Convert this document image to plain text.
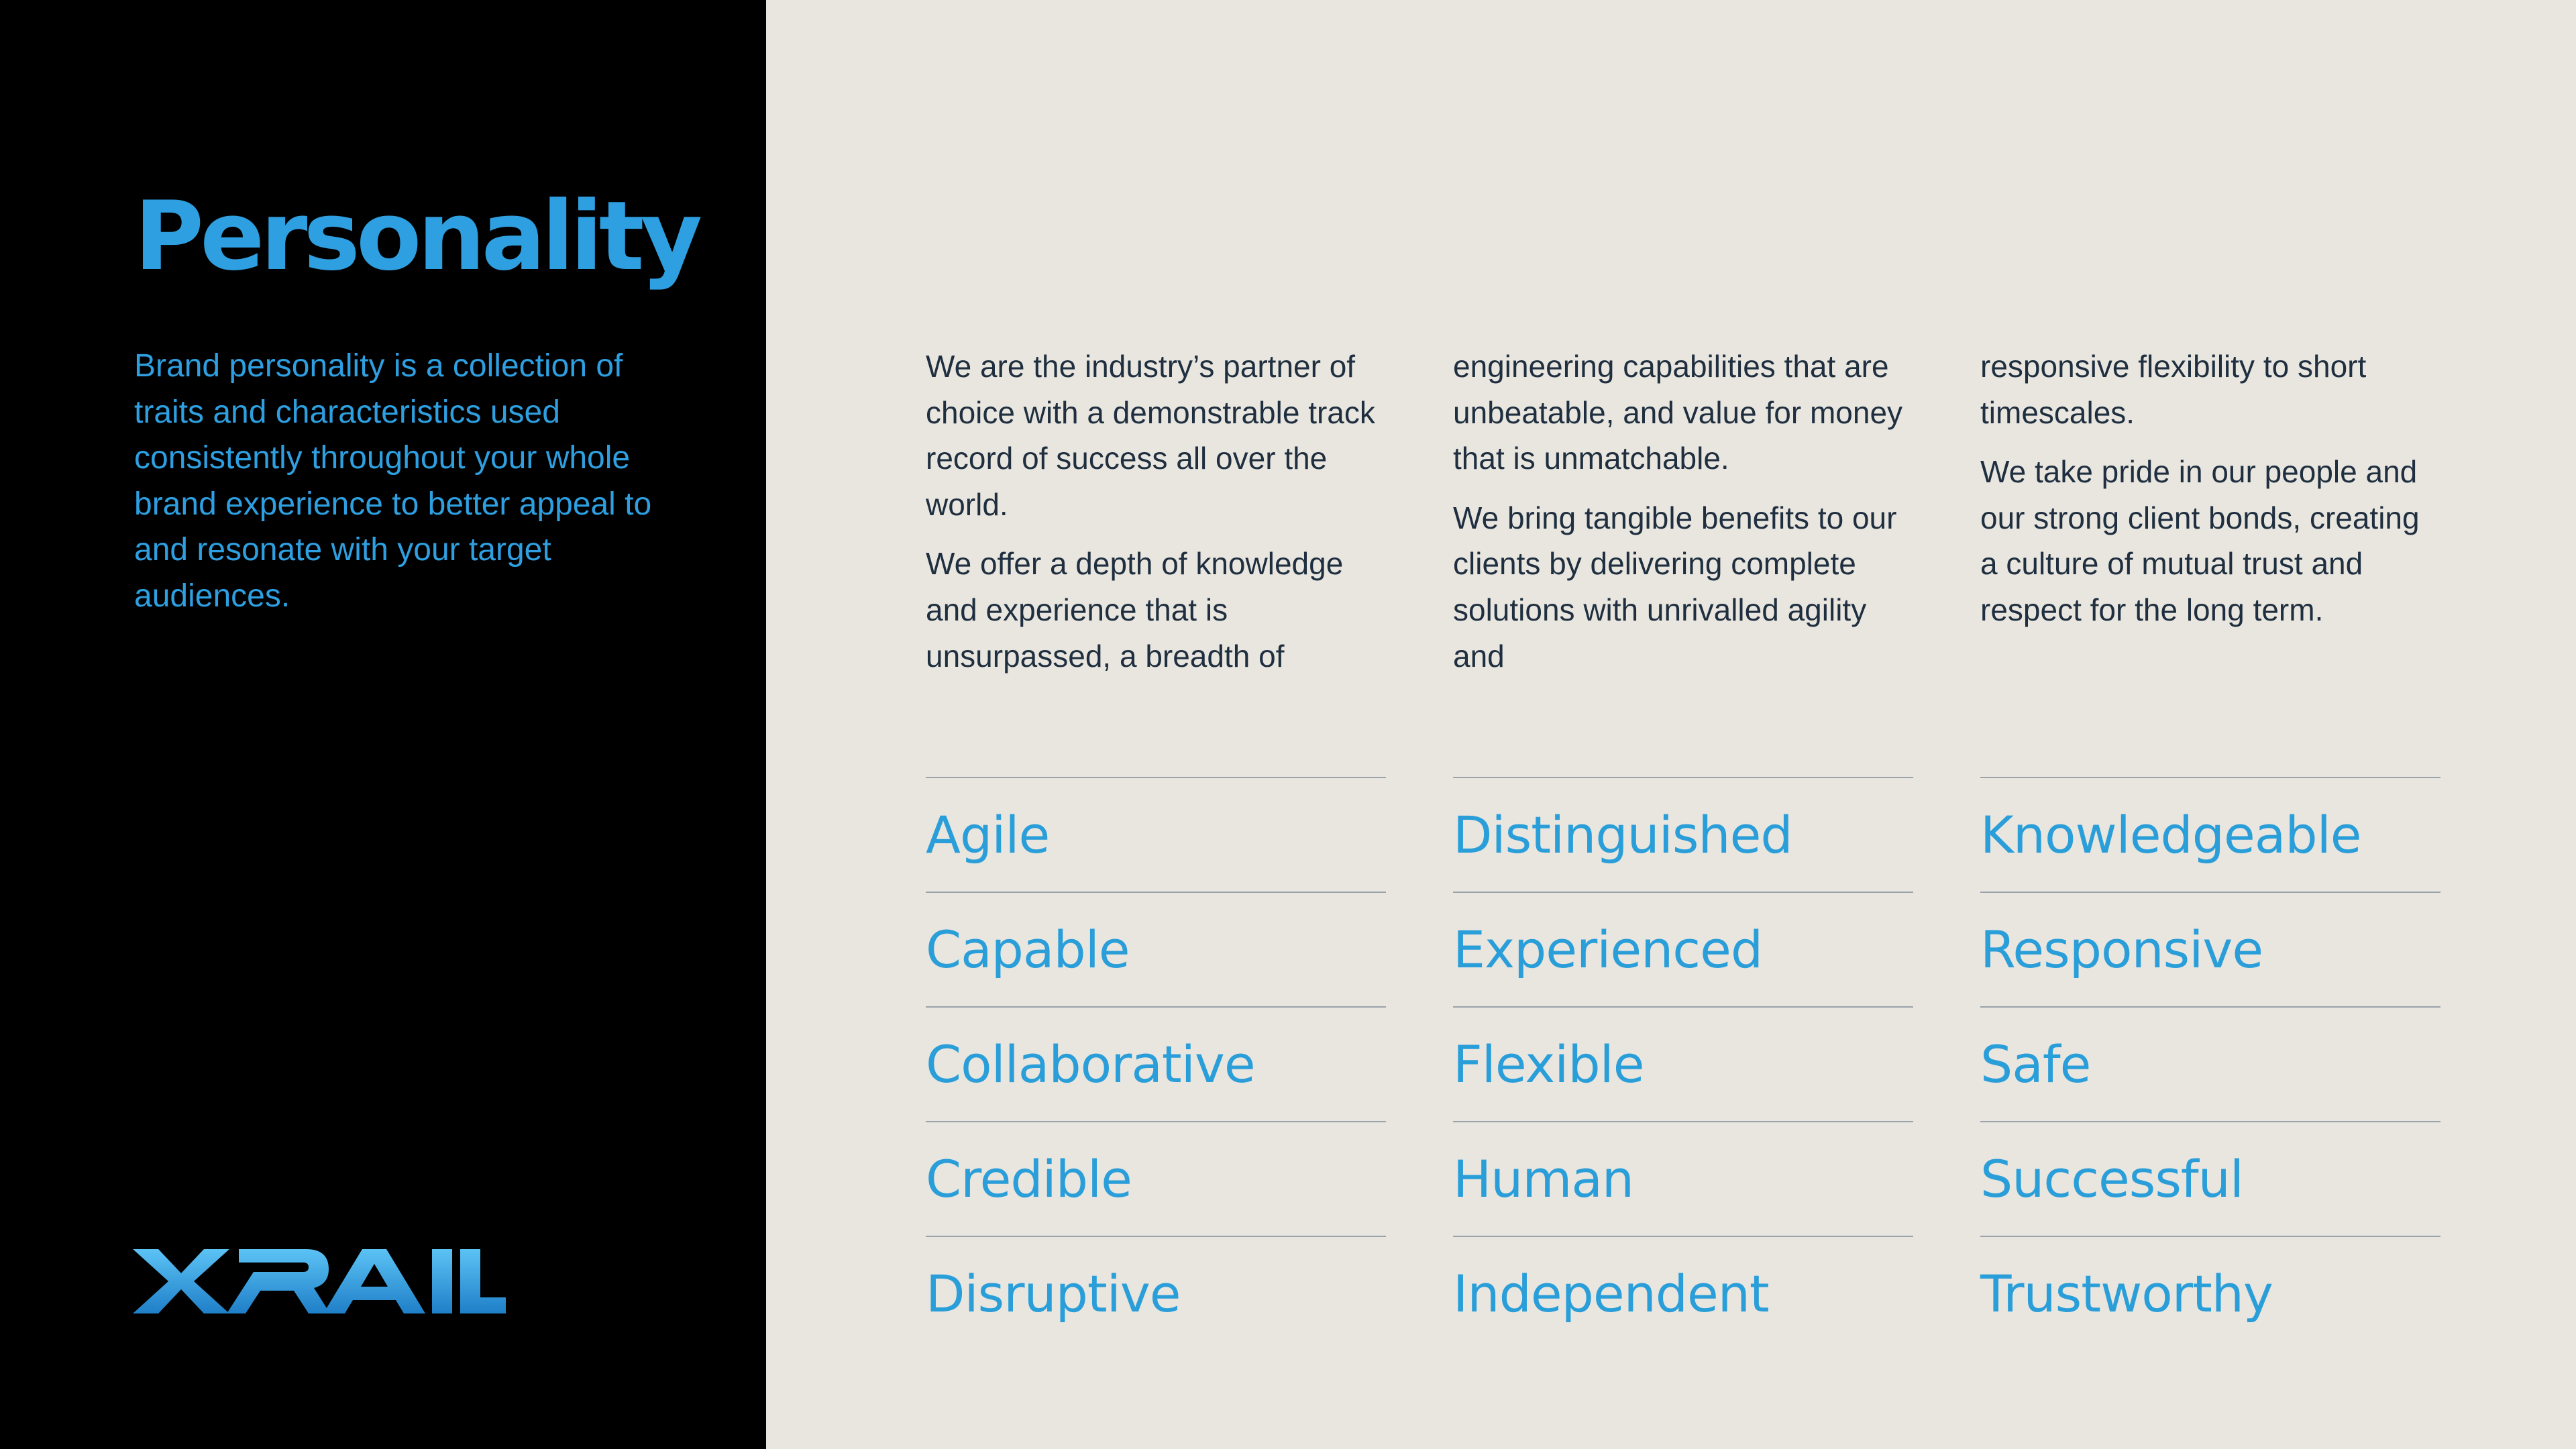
Personality

Brand personality is a collection of traits and characteristics used consistently throughout your whole brand experience to better appeal to and resonate with your target audiences.

We are the industry’s partner of choice with a demonstrable track record of success all over the world.

We offer a depth of knowledge and experience that is unsurpassed, a breadth of

engineering capabilities that are unbeatable, and value for money that is unmatchable.

We bring tangible benefits to our clients by delivering complete solutions with unrivalled agility and

responsive flexibility to short timescales.

We take pride in our people and our strong client bonds, creating a culture of mutual trust and respect for the long term.

Agile
Capable
Collaborative
Credible
Disruptive
Distinguished
Experienced
Flexible
Human
Independent
Knowledgeable
Responsive
Safe
Successful
Trustworthy
